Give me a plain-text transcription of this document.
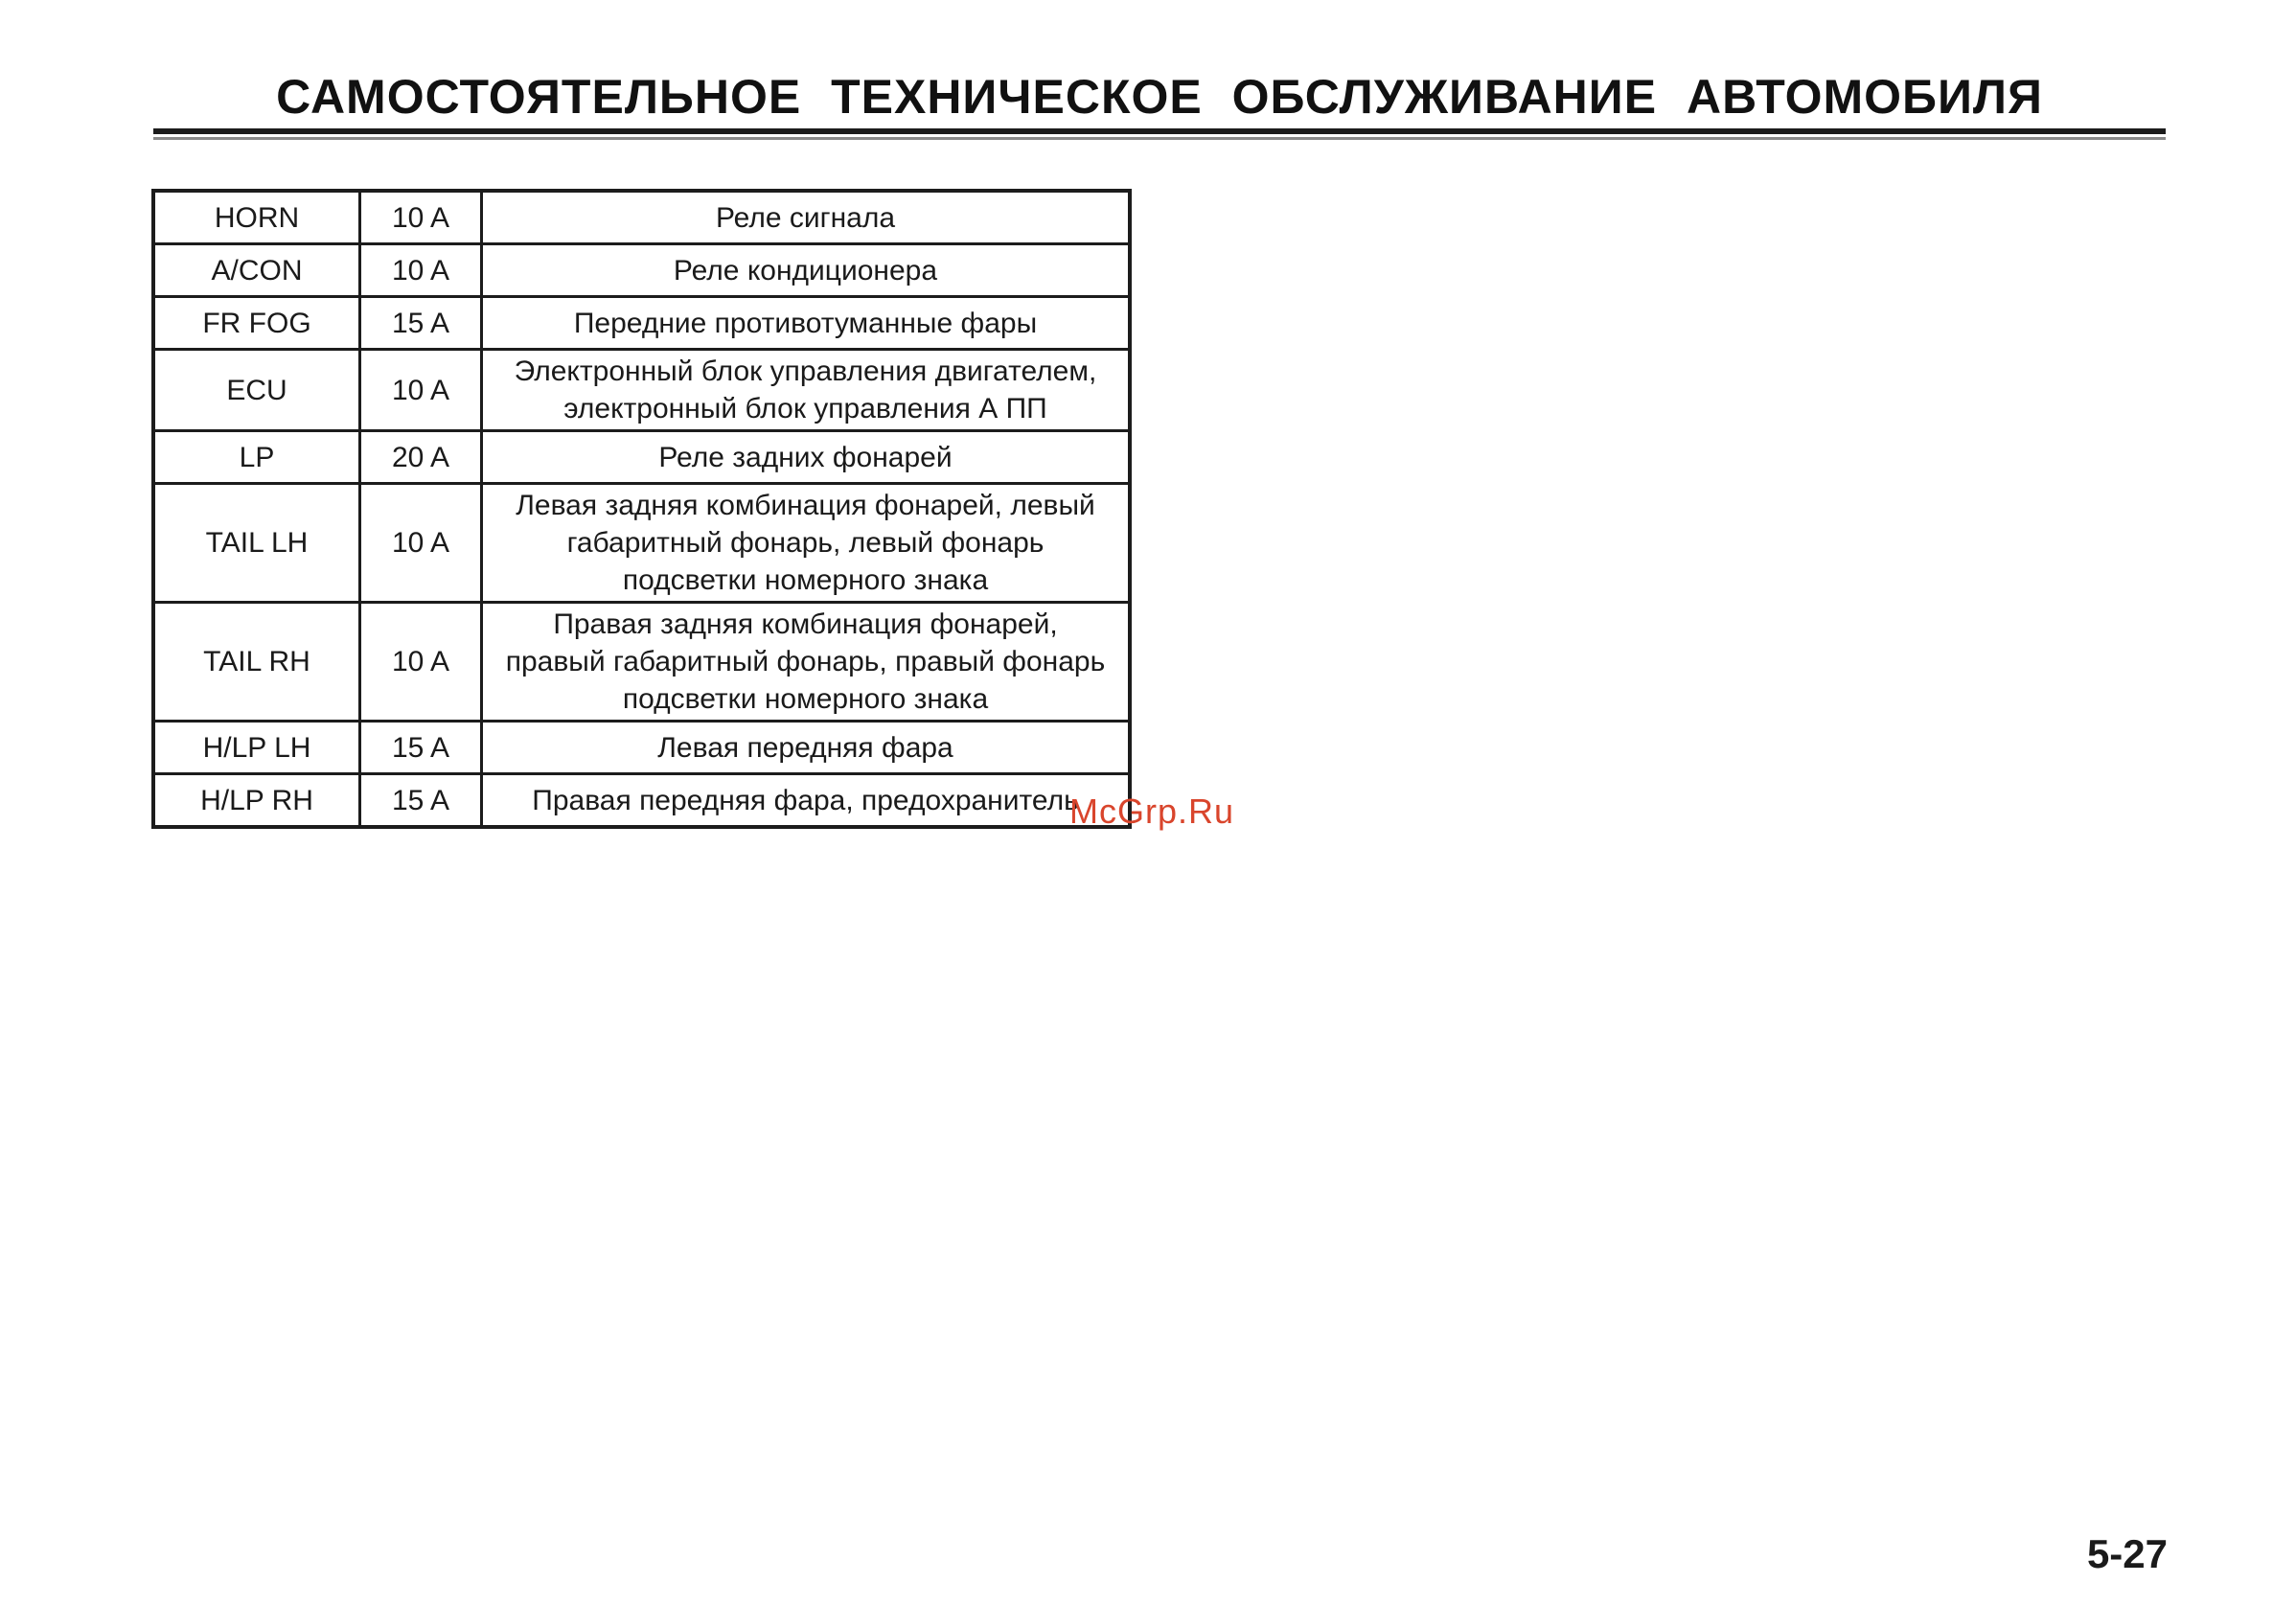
САМОСТОЯТЕЛЬНОЕ ТЕХНИЧЕСКОЕ ОБСЛУЖИВАНИЕ АВТОМОБИЛЯ
HORN	10 A	Реле сигнала
A/CON	10 A	Реле кондиционера
FR FOG	15 A	Передние противотуманные фары
ECU	10 A	Электронный блок управления двигателем,
электронный блок управления А ПП
LP	20 A	Реле задних фонарей
TAIL LH	10 A	Левая задняя комбинация фонарей, левый
габаритный фонарь, левый фонарь
подсветки номерного знака
TAIL RH	10 A	Правая задняя комбинация фонарей,
правый габаритный фонарь, правый фонарь
подсветки номерного знака
H/LP LH	15 A	Левая передняя фара
H/LP RH	15 A	Правая передняя фара, предохранитель
McGrp.Ru
5-27
